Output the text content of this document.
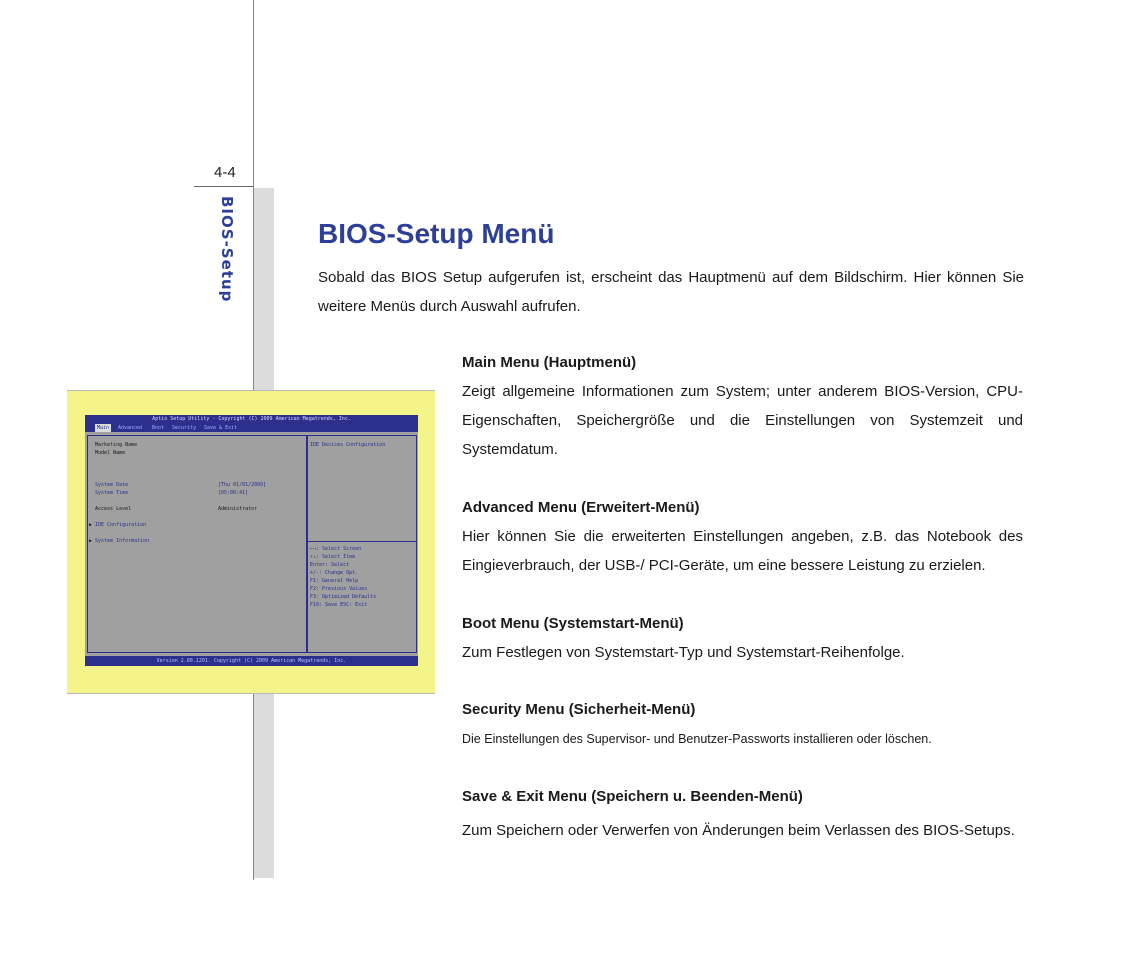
4-4
BIOS-Setup	BIOS-Setup Menü

Sobald das BIOS Setup aufgerufen ist, erscheint das Hauptmenü auf dem Bildschirm. Hier können Sie weitere Menüs durch Auswahl aufrufen.

Aptio Setup Utility - Copyright (C) 2009 American Megatrends, Inc.
Main	Advanced Boot Security Save & Exit
Marketing Name
Model Name
System Date	[Thu 01/01/2009]
System Time	[05:00:41]
Access Level	Administrator
▶ IDE Configuration
▶ System Information
IDE Devices Configuration
←→: Select Screen
↑↓: Select Item
Enter: Select
+/-: Change Opt.
F1: General Help
F2: Previous Values
F3: Optimized Defaults
F10: Save ESC: Exit
Version 2.00.1201. Copyright (C) 2009 American Megatrends, Inc.
Main Menu (Hauptmenü)

Zeigt allgemeine Informationen zum System; unter anderem BIOS-Version, CPU-Eigenschaften, Speichergröße und die Einstellungen von Systemzeit und Systemdatum.

Advanced Menu (Erweitert-Menü)

Hier können Sie die erweiterten Einstellungen angeben, z.B. das Notebook des Eingieverbrauch, der USB-/ PCI-Geräte, um eine bessere Leistung zu erzielen.

Boot Menu (Systemstart-Menü)

Zum Festlegen von Systemstart-Typ und Systemstart-Reihenfolge.

Security Menu (Sicherheit-Menü)

Die Einstellungen des Supervisor- und Benutzer-Passworts installieren oder löschen.

Save & Exit Menu (Speichern u. Beenden-Menü)

Zum Speichern oder Verwerfen von Änderungen beim Verlassen des BIOS-Setups.
